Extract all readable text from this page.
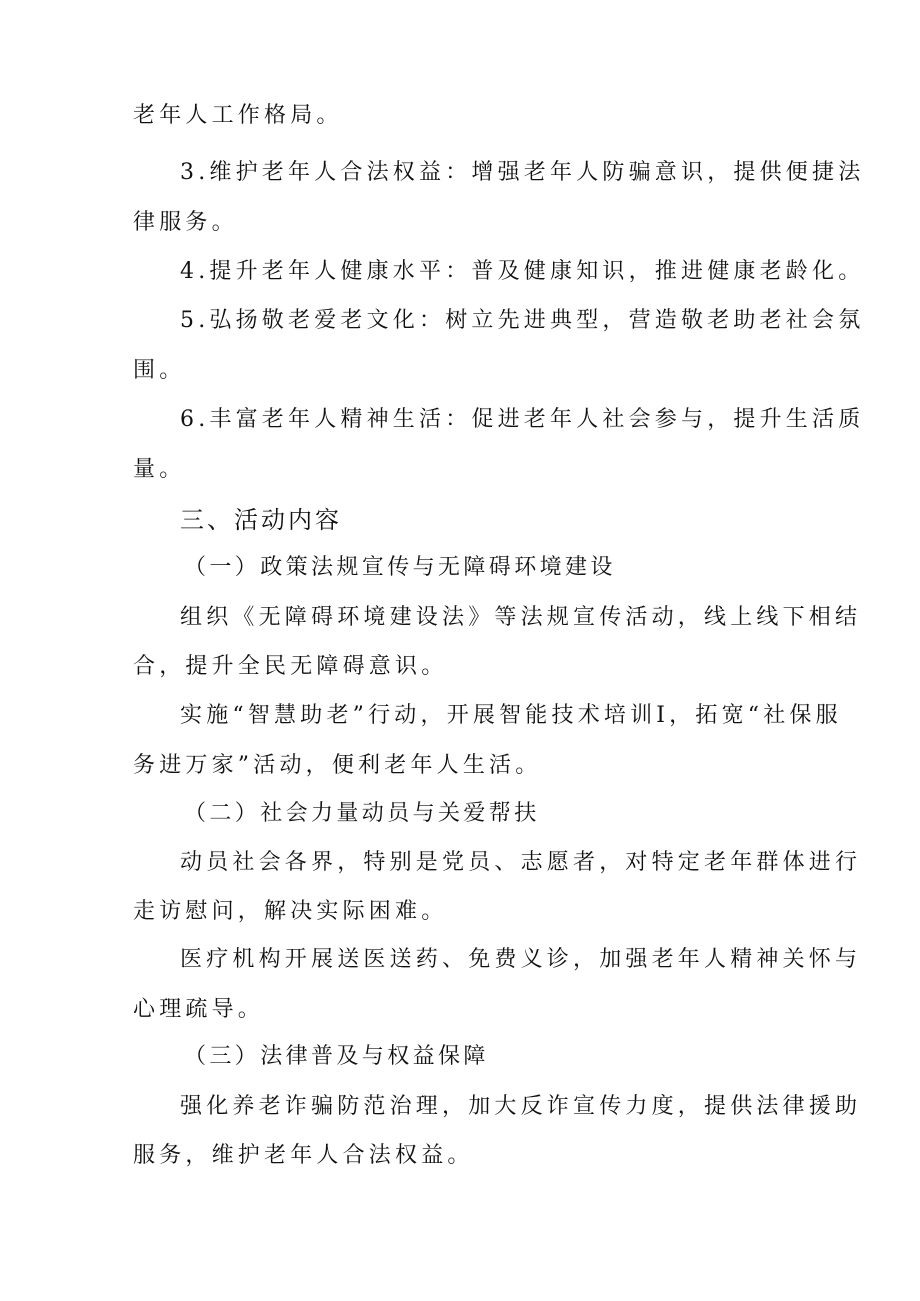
老年人工作格局。

3.维护老年人合法权益：增强老年人防骗意识，提供便捷法

律服务。

4.提升老年人健康水平：普及健康知识，推进健康老龄化。

5.弘扬敬老爱老文化：树立先进典型，营造敬老助老社会氛

围。

6.丰富老年人精神生活：促进老年人社会参与，提升生活质

量。

三、活动内容

（一）政策法规宣传与无障碍环境建设

组织《无障碍环境建设法》等法规宣传活动，线上线下相结

合，提升全民无障碍意识。

实施“智慧助老”行动，开展智能技术培训I，拓宽“社保服

务进万家”活动，便利老年人生活。

（二）社会力量动员与关爱帮扶

动员社会各界，特别是党员、志愿者，对特定老年群体进行

走访慰问，解决实际困难。

医疗机构开展送医送药、免费义诊，加强老年人精神关怀与

心理疏导。

（三）法律普及与权益保障

强化养老诈骗防范治理，加大反诈宣传力度，提供法律援助

服务，维护老年人合法权益。
